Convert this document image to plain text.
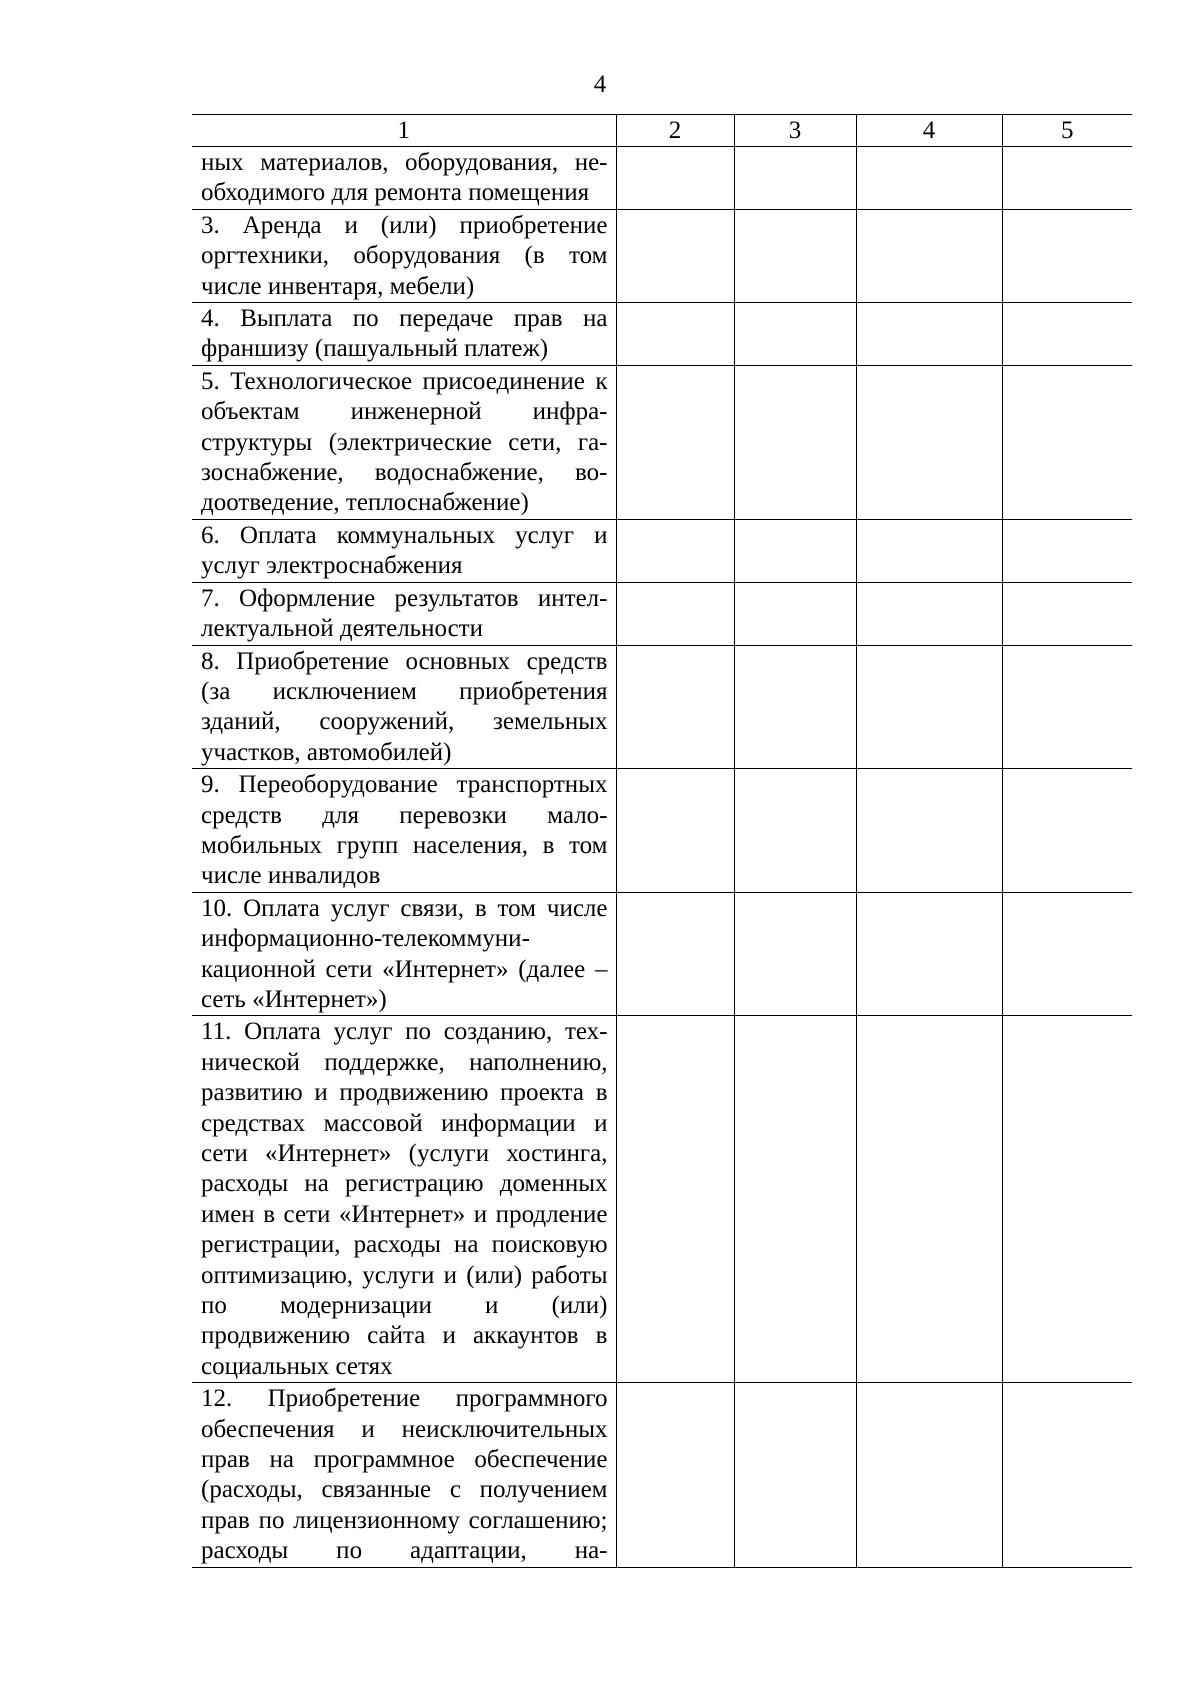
4
1	2	3	4	5
ных материалов, оборудования, необходимого для ремонта помещения				
3. Аренда и (или) приобретение оргтехники, оборудования (в том числе инвентаря, мебели)				
4. Выплата по передаче прав на франшизу (пашуальный платеж)				
5. Технологическое присоединение к объектам инженерной инфраструктуры (электрические сети, газоснабжение, водоснабжение, водоотведение, теплоснабжение)				
6. Оплата коммунальных услуг и услуг электроснабжения				
7. Оформление результатов интеллектуальной деятельности				
8. Приобретение основных средств (за исключением приобретения зданий, сооружений, земельных участков, автомобилей)				
9. Переоборудование транспортных средств для перевозки маломобильных групп населения, в том числе инвалидов				
10. Оплата услуг связи, в том числе информационно-телекоммуникационной сети «Интернет» (далее – сеть «Интернет»)				
11. Оплата услуг по созданию, технической поддержке, наполнению, развитию и продвижению проекта в средствах массовой информации и сети «Интернет» (услуги хостинга, расходы на регистрацию доменных имен в сети «Интернет» и продление регистрации, расходы на поисковую оптимизацию, услуги и (или) работы по модернизации и (или) продвижению сайта и аккаунтов в социальных сетях				
12. Приобретение программного обеспечения и неисключительных прав на программное обеспечение (расходы, связанные с получением прав по лицензионному соглашению; расходы по адаптации, на-				
